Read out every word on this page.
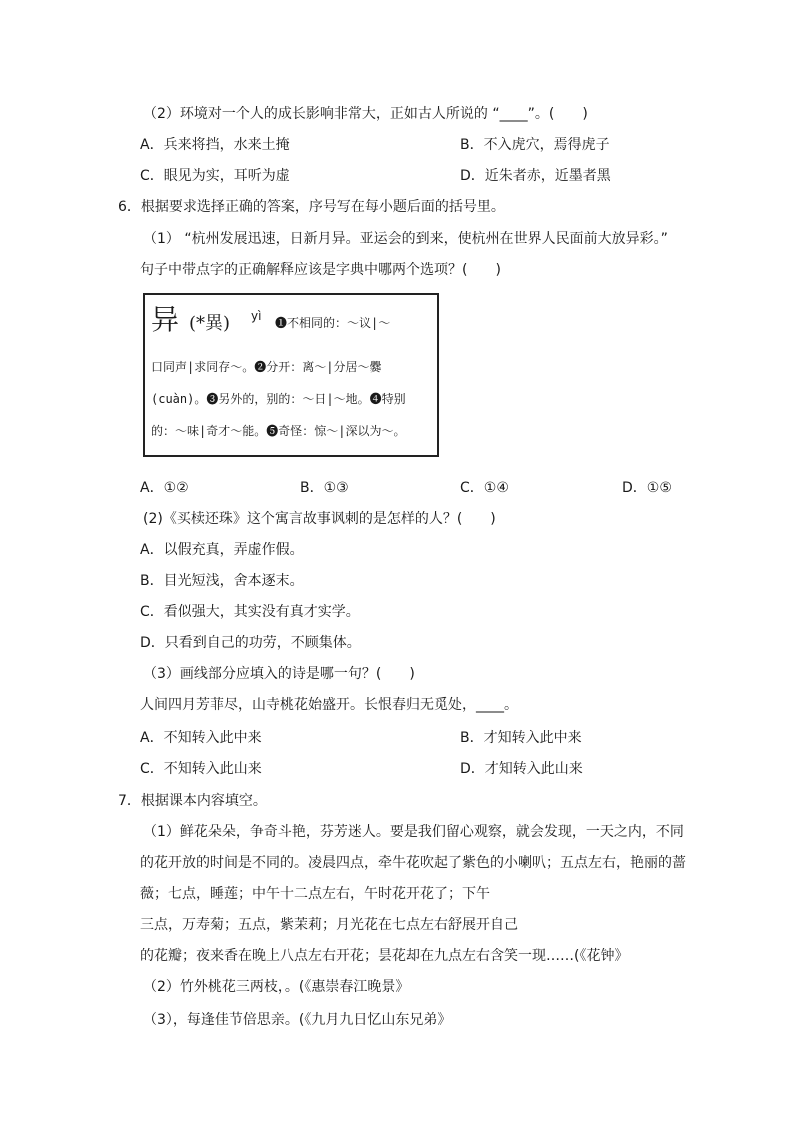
（2）环境对一个人的成长影响非常大，正如古人所说的 “____”。(　　)
A．兵来将挡，水来土掩	B．不入虎穴，焉得虎子
C．眼见为实，耳听为虚	D．近朱者赤，近墨者黑
6．根据要求选择正确的答案，序号写在每小题后面的括号里。
（1） “杭州发展迅速，日新月异。亚运会的到来，使杭州在世界人民面前大放异彩。”
句子中带点字的正确解释应该是字典中哪两个选项？(　　)
异 (*異) yì ❶不相同的：～议|～
口同声|求同存～。❷分开：离～|分居～爨
(cuàn)。❸另外的，别的：～日|～地。❹特别
的：～味|奇才～能。❺奇怪：惊～|深以为～。
A．①②	B．①③	C．①④	D．①⑤
(2)《买椟还珠》这个寓言故事讽刺的是怎样的人？(　　)
A．以假充真，弄虚作假。
B．目光短浅，舍本逐末。
C．看似强大，其实没有真才实学。
D．只看到自己的功劳，不顾集体。
（3）画线部分应填入的诗是哪一句？(　　)
人间四月芳菲尽，山寺桃花始盛开。长恨春归无觅处，____。
A．不知转入此中来	B．才知转入此中来
C．不知转入此山来	D．才知转入此山来
7．根据课本内容填空。
（1）鲜花朵朵，争奇斗艳，芬芳迷人。要是我们留心观察，就会发现，一天之内，不同
的花开放的时间是不同的。凌晨四点，牵牛花吹起了紫色的小喇叭；五点左右，艳丽的蔷
薇；七点，睡莲；中午十二点左右，午时花开花了；下午
三点，万寿菊；五点，紫茉莉；月光花在七点左右舒展开自己
的花瓣；夜来香在晚上八点左右开花；昙花却在九点左右含笑一现……(《花钟》
（2）竹外桃花三两枝，。(《惠崇春江晚景》
（3），每逢佳节倍思亲。(《九月九日忆山东兄弟》
